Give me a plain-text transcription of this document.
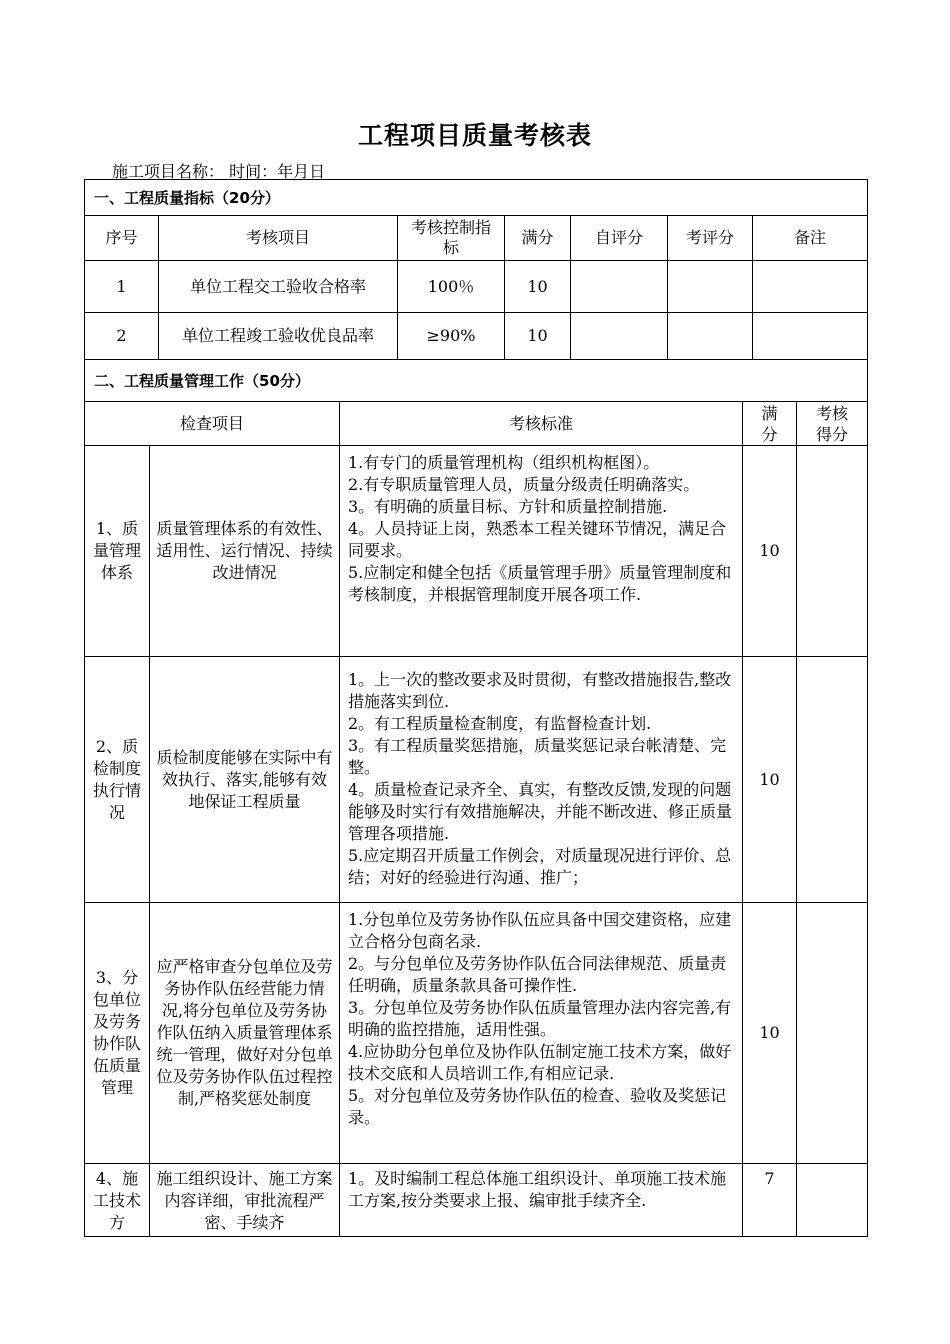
工程项目质量考核表
施工项目名称： 时间：年月日
一、工程质量指标（20分）						
序号	考核项目	考核控制指标	满分	自评分	考评分	备注
1	单位工程交工验收合格率	100％	10			
2	单位工程竣工验收优良品率	≥90%	10			
二、工程质量管理工作（50分）				
检查项目		考核标准	满分	考核得分
1、质量管理体系	质量管理体系的有效性、适用性、运行情况、持续改进情况	1.有专门的质量管理机构（组织机构框图）。
2.有专职质量管理人员，质量分级责任明确落实。
3。有明确的质量目标、方针和质量控制措施.
4。人员持证上岗，熟悉本工程关键环节情况，满足合同要求。
5.应制定和健全包括《质量管理手册》质量管理制度和考核制度，并根据管理制度开展各项工作.	10	
2、质检制度执行情况	质检制度能够在实际中有效执行、落实,能够有效地保证工程质量	1。上一次的整改要求及时贯彻，有整改措施报告,整改措施落实到位.
2。有工程质量检查制度，有监督检查计划.
3。有工程质量奖惩措施，质量奖惩记录台帐清楚、完整。
4。质量检查记录齐全、真实，有整改反馈,发现的问题能够及时实行有效措施解决，并能不断改进、修正质量管理各项措施.
5.应定期召开质量工作例会，对质量现况进行评价、总结；对好的经验进行沟通、推广；	10	
3、分包单位及劳务协作队伍质量管理	应严格审查分包单位及劳务协作队伍经营能力情况,将分包单位及劳务协作队伍纳入质量管理体系统一管理，做好对分包单位及劳务协作队伍过程控制,严格奖惩处制度	1.分包单位及劳务协作队伍应具备中国交建资格，应建立合格分包商名录.
2。与分包单位及劳务协作队伍合同法律规范、质量责任明确，质量条款具备可操作性.
3。分包单位及劳务协作队伍质量管理办法内容完善,有明确的监控措施，适用性强。
4.应协助分包单位及协作队伍制定施工技术方案，做好技术交底和人员培训工作,有相应记录.
5。对分包单位及劳务协作队伍的检查、验收及奖惩记录。	10	
4、施工技术方	施工组织设计、施工方案内容详细，审批流程严密、手续齐	1。及时编制工程总体施工组织设计、单项施工技术施工方案,按分类要求上报、编审批手续齐全.	7	
